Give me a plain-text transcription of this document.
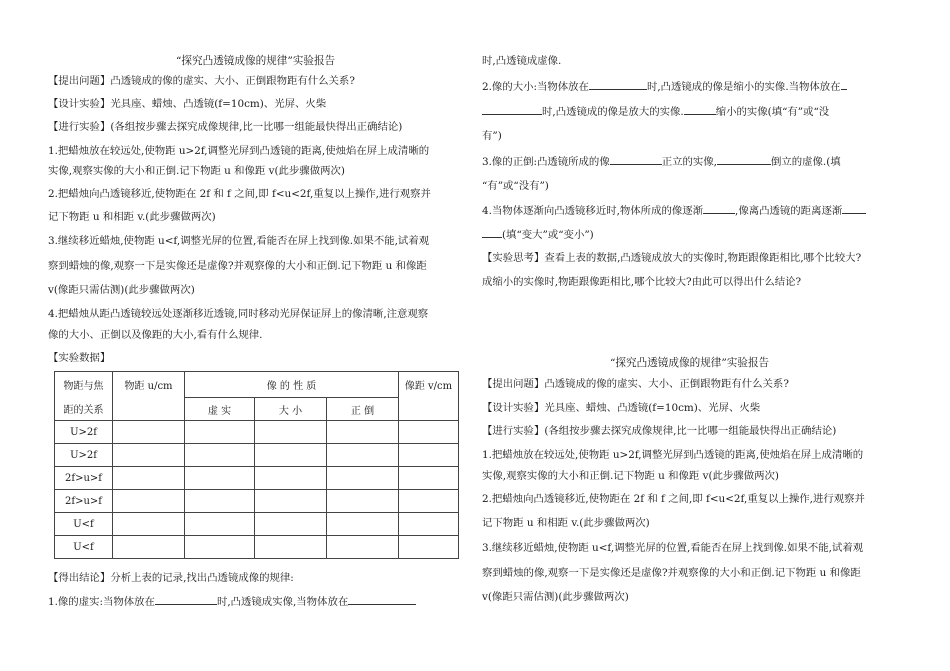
“探究凸透镜成像的规律”实验报告
【提出问题】凸透镜成的像的虚实、大小、正倒跟物距有什么关系?
【设计实验】光具座、蜡烛、凸透镜(f=10cm)、光屏、火柴
【进行实验】(各组按步骤去探究成像规律,比一比哪一组能最快得出正确结论)
1.把蜡烛放在较远处,使物距 u>2f,调整光屏到凸透镜的距离,使烛焰在屏上成清晰的
实像,观察实像的大小和正倒.记下物距 u 和像距 v(此步骤做两次)
2.把蜡烛向凸透镜移近,使物距在 2f 和 f 之间,即 f<u<2f,重复以上操作,进行观察并
记下物距 u 和相距 v.(此步骤做两次)
3.继续移近蜡烛,使物距 u<f,调整光屏的位置,看能否在屏上找到像.如果不能,试着观
察到蜡烛的像,观察一下是实像还是虚像?并观察像的大小和正倒.记下物距 u 和像距
v(像距只需估测)(此步骤做两次)
4.把蜡烛从距凸透镜较远处逐渐移近透镜,同时移动光屏保证屏上的像清晰,注意观察
像的大小、正倒以及像距的大小,看有什么规律.
【实验数据】
物距与焦
距的关系	物距 u/cm	像 的 性 质			像距 v/cm
		虚 实	大 小	正 倒	
U>2f					
U>2f					
2f>u>f					
2f>u>f					
U<f					
U<f					
【得出结论】分析上表的记录,找出凸透镜成像的规律:
1.像的虚实:当物体放在	时,凸透镜成实像,当物体放在
时,凸透镜成虚像.
2.像的大小:当物体放在	时,凸透镜成的像是缩小的实像.当物体放在
时,凸透镜成的像是放大的实像.	缩小的实像(填“有”或“没
有”)
3.像的正倒:凸透镜所成的像	正立的实像,	倒立的虚像.(填
“有”或“没有”)
4.当物体逐渐向凸透镜移近时,物体所成的像逐渐	,像离凸透镜的距离逐渐
(填“变大”或“变小”)
【实验思考】查看上表的数据,凸透镜成放大的实像时,物距跟像距相比,哪个比较大?
成缩小的实像时,物距跟像距相比,哪个比较大?由此可以得出什么结论?
“探究凸透镜成像的规律”实验报告
【提出问题】凸透镜成的像的虚实、大小、正倒跟物距有什么关系?
【设计实验】光具座、蜡烛、凸透镜(f=10cm)、光屏、火柴
【进行实验】(各组按步骤去探究成像规律,比一比哪一组能最快得出正确结论)
1.把蜡烛放在较远处,使物距 u>2f,调整光屏到凸透镜的距离,使烛焰在屏上成清晰的
实像,观察实像的大小和正倒.记下物距 u 和像距 v(此步骤做两次)
2.把蜡烛向凸透镜移近,使物距在 2f 和 f 之间,即 f<u<2f,重复以上操作,进行观察并
记下物距 u 和相距 v.(此步骤做两次)
3.继续移近蜡烛,使物距 u<f,调整光屏的位置,看能否在屏上找到像.如果不能,试着观
察到蜡烛的像,观察一下是实像还是虚像?并观察像的大小和正倒.记下物距 u 和像距
v(像距只需估测)(此步骤做两次)
